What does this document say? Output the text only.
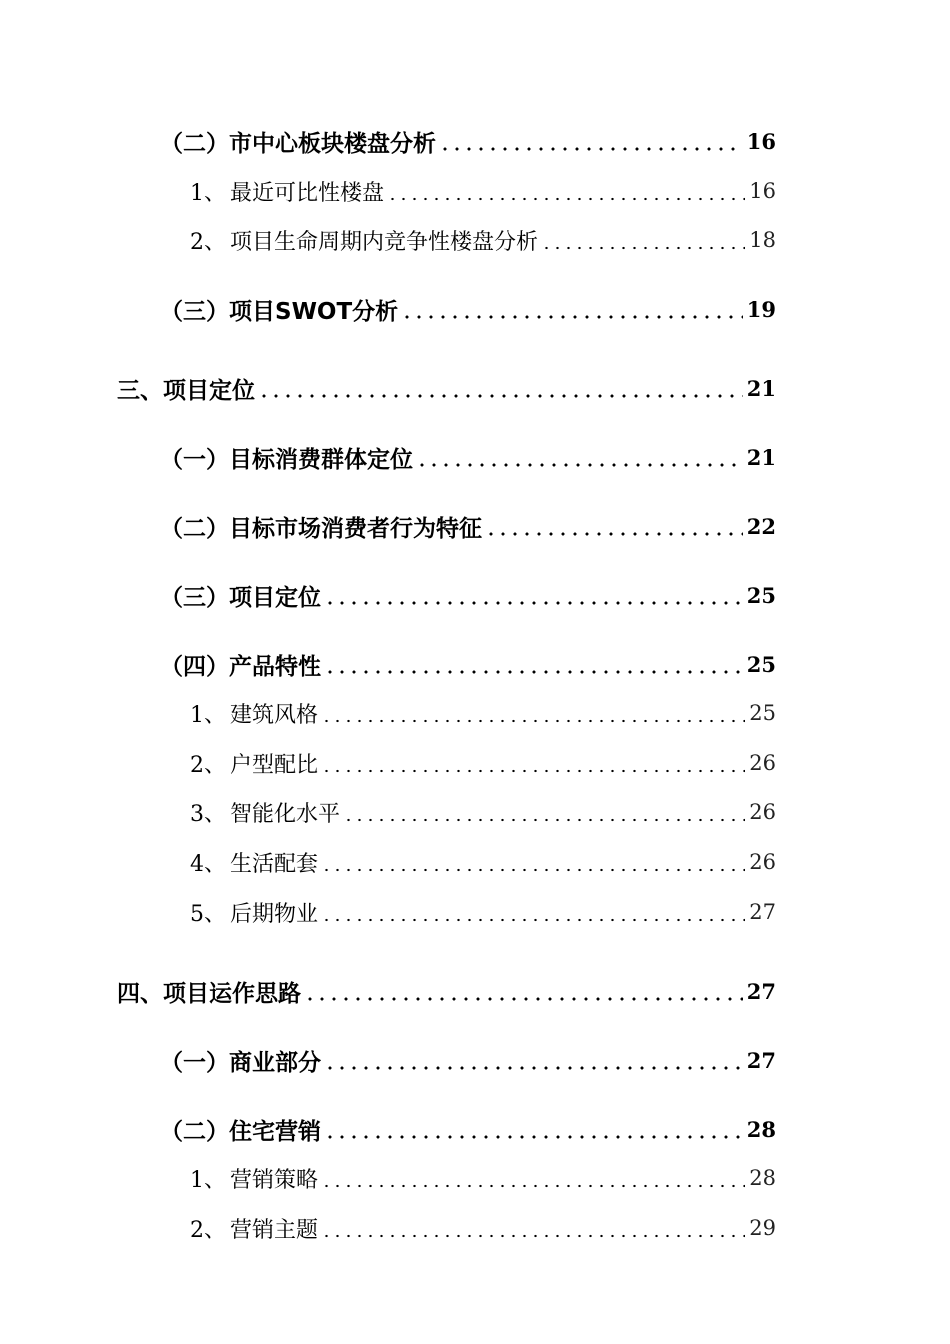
（二） 市中心板块楼盘分析	16
1、 最近可比性楼盘	16
2、 项目生命周期内竞争性楼盘分析	18
（三） 项目SWOT分析	19
三、 项目定位	21
（一） 目标消费群体定位	21
（二） 目标市场消费者行为特征	22
（三） 项目定位	25
（四） 产品特性	25
1、 建筑风格	25
2、 户型配比	26
3、 智能化水平	26
4、 生活配套	26
5、 后期物业	27
四、 项目运作思路	27
（一） 商业部分	27
（二） 住宅营销	28
1、 营销策略	28
2、 营销主题	29
